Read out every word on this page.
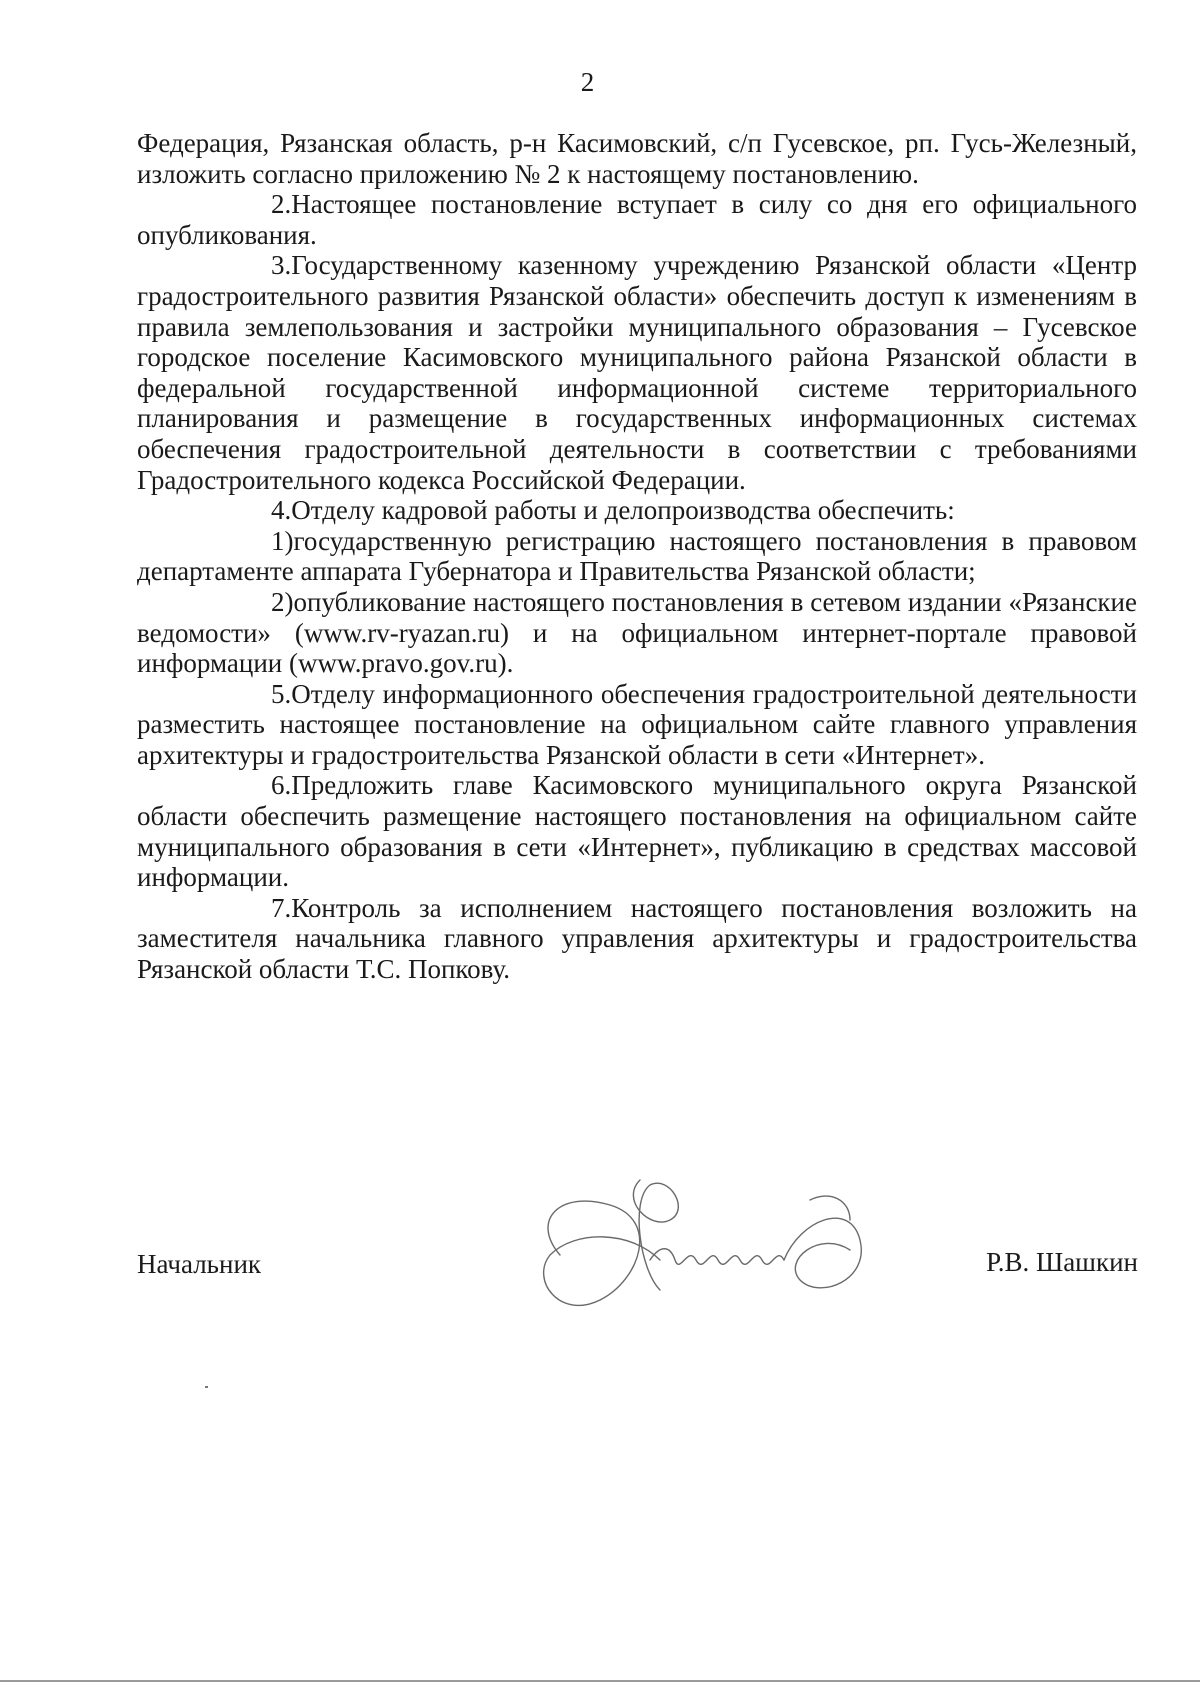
2

Федерация, Рязанская область, р-н Касимовский, с/п Гусевское, рп. Гусь-Железный, изложить согласно приложению № 2 к настоящему постановлению.

2.Настоящее постановление вступает в силу со дня его официального опубликования.

3.Государственному казенному учреждению Рязанской области «Центр градостроительного развития Рязанской области» обеспечить доступ к изменениям в правила землепользования и застройки муниципального образования – Гусевское городское поселение Касимовского муниципального района Рязанской области в федеральной государственной информационной системе территориального планирования и размещение в государственных информационных системах обеспечения градостроительной деятельности в соответствии с требованиями Градостроительного кодекса Российской Федерации.

4.Отделу кадровой работы и делопроизводства обеспечить:

1)государственную регистрацию настоящего постановления в правовом департаменте аппарата Губернатора и Правительства Рязанской области;

2)опубликование настоящего постановления в сетевом издании «Рязанские ведомости» (www.rv-ryazan.ru) и на официальном интернет-портале правовой информации (www.pravo.gov.ru).

5.Отделу информационного обеспечения градостроительной деятельности разместить настоящее постановление на официальном сайте главного управления архитектуры и градостроительства Рязанской области в сети «Интернет».

6.Предложить главе Касимовского муниципального округа Рязанской области обеспечить размещение настоящего постановления на официальном сайте муниципального образования в сети «Интернет», публикацию в средствах массовой информации.

7.Контроль за исполнением настоящего постановления возложить на заместителя начальника главного управления архитектуры и градостроительства Рязанской области Т.С. Попкову.

Начальник	Р.В. Шашкин
